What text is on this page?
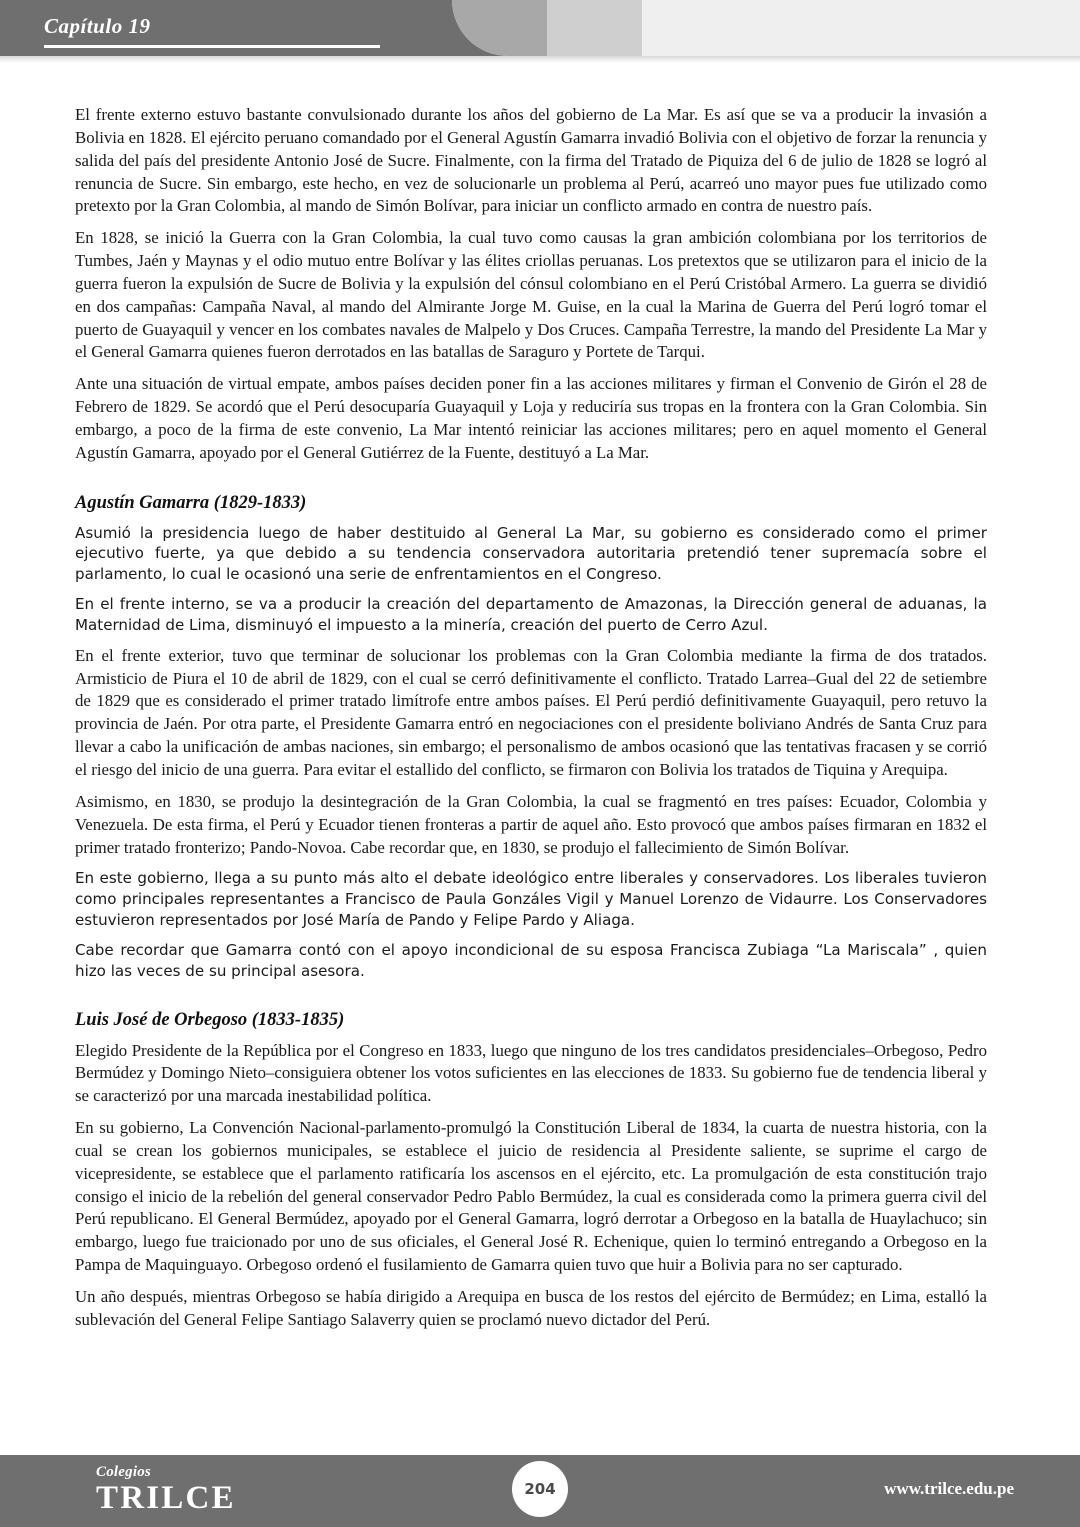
Capítulo 19

El frente externo estuvo bastante convulsionado durante los años del gobierno de La Mar. Es así que se va a producir la invasión a Bolivia en 1828. El ejército peruano comandado por el General Agustín Gamarra invadió Bolivia con el objetivo de forzar la renuncia y salida del país del presidente Antonio José de Sucre. Finalmente, con la firma del Tratado de Piquiza del 6 de julio de 1828 se logró al renuncia de Sucre. Sin embargo, este hecho, en vez de solucionarle un problema al Perú, acarreó uno mayor pues fue utilizado como pretexto por la Gran Colombia, al mando de Simón Bolívar, para iniciar un conflicto armado en contra de nuestro país.

En 1828, se inició la Guerra con la Gran Colombia, la cual tuvo como causas la gran ambición colombiana por los territorios de Tumbes, Jaén y Maynas y el odio mutuo entre Bolívar y las élites criollas peruanas. Los pretextos que se utilizaron para el inicio de la guerra fueron la expulsión de Sucre de Bolivia y la expulsión del cónsul colombiano en el Perú Cristóbal Armero. La guerra se dividió en dos campañas: Campaña Naval, al mando del Almirante Jorge M. Guise, en la cual la Marina de Guerra del Perú logró tomar el puerto de Guayaquil y vencer en los combates navales de Malpelo y Dos Cruces. Campaña Terrestre, la mando del Presidente La Mar y el General Gamarra quienes fueron derrotados en las batallas de Saraguro y Portete de Tarqui.

Ante una situación de virtual empate, ambos países deciden poner fin a las acciones militares y firman el Convenio de Girón el 28 de Febrero de 1829. Se acordó que el Perú desocuparía Guayaquil y Loja y reduciría sus tropas en la frontera con la Gran Colombia. Sin embargo, a poco de la firma de este convenio, La Mar intentó reiniciar las acciones militares; pero en aquel momento el General Agustín Gamarra, apoyado por el General Gutiérrez de la Fuente, destituyó a La Mar.

Agustín Gamarra (1829-1833)

Asumió la presidencia luego de haber destituido al General La Mar, su gobierno es considerado como el primer ejecutivo fuerte, ya que debido a su tendencia conservadora autoritaria pretendió tener supremacía sobre el parlamento, lo cual le ocasionó una serie de enfrentamientos en el Congreso.

En el frente interno, se va a producir la creación del departamento de Amazonas, la Dirección general de aduanas, la Maternidad de Lima, disminuyó el impuesto a la minería, creación del puerto de Cerro Azul.

En el frente exterior, tuvo que terminar de solucionar los problemas con la Gran Colombia mediante la firma de dos tratados. Armisticio de Piura el 10 de abril de 1829, con el cual se cerró definitivamente el conflicto. Tratado Larrea–Gual del 22 de setiembre de 1829 que es considerado el primer tratado limítrofe entre ambos países. El Perú perdió definitivamente Guayaquil, pero retuvo la provincia de Jaén. Por otra parte, el Presidente Gamarra entró en negociaciones con el presidente boliviano Andrés de Santa Cruz para llevar a cabo la unificación de ambas naciones, sin embargo; el personalismo de ambos ocasionó que las tentativas fracasen y se corrió el riesgo del inicio de una guerra. Para evitar el estallido del conflicto, se firmaron con Bolivia los tratados de Tiquina y Arequipa.

Asimismo, en 1830, se produjo la desintegración de la Gran Colombia, la cual se fragmentó en tres países: Ecuador, Colombia y Venezuela. De esta firma, el Perú y Ecuador tienen fronteras a partir de aquel año. Esto provocó que ambos países firmaran en 1832 el primer tratado fronterizo; Pando-Novoa. Cabe recordar que, en 1830, se produjo el fallecimiento de Simón Bolívar.

En este gobierno, llega a su punto más alto el debate ideológico entre liberales y conservadores. Los liberales tuvieron como principales representantes a Francisco de Paula Gonzáles Vigil y Manuel Lorenzo de Vidaurre. Los Conservadores estuvieron representados por José María de Pando y Felipe Pardo y Aliaga.

Cabe recordar que Gamarra contó con el apoyo incondicional de su esposa Francisca Zubiaga “La Mariscala” , quien hizo las veces de su principal asesora.

Luis José de Orbegoso (1833-1835)

Elegido Presidente de la República por el Congreso en 1833, luego que ninguno de los tres candidatos presidenciales–Orbegoso, Pedro Bermúdez y Domingo Nieto–consiguiera obtener los votos suficientes en las elecciones de 1833. Su gobierno fue de tendencia liberal y se caracterizó por una marcada inestabilidad política.

En su gobierno, La Convención Nacional-parlamento-promulgó la Constitución Liberal de 1834, la cuarta de nuestra historia, con la cual se crean los gobiernos municipales, se establece el juicio de residencia al Presidente saliente, se suprime el cargo de vicepresidente, se establece que el parlamento ratificaría los ascensos en el ejército, etc. La promulgación de esta constitución trajo consigo el inicio de la rebelión del general conservador Pedro Pablo Bermúdez, la cual es considerada como la primera guerra civil del Perú republicano. El General Bermúdez, apoyado por el General Gamarra, logró derrotar a Orbegoso en la batalla de Huaylachuco; sin embargo, luego fue traicionado por uno de sus oficiales, el General José R. Echenique, quien lo terminó entregando a Orbegoso en la Pampa de Maquinguayo. Orbegoso ordenó el fusilamiento de Gamarra quien tuvo que huir a Bolivia para no ser capturado.

Un año después, mientras Orbegoso se había dirigido a Arequipa en busca de los restos del ejército de Bermúdez; en Lima, estalló la sublevación del General Felipe Santiago Salaverry quien se proclamó nuevo dictador del Perú.

Colegios
TRILCE	204	www.trilce.edu.pe
